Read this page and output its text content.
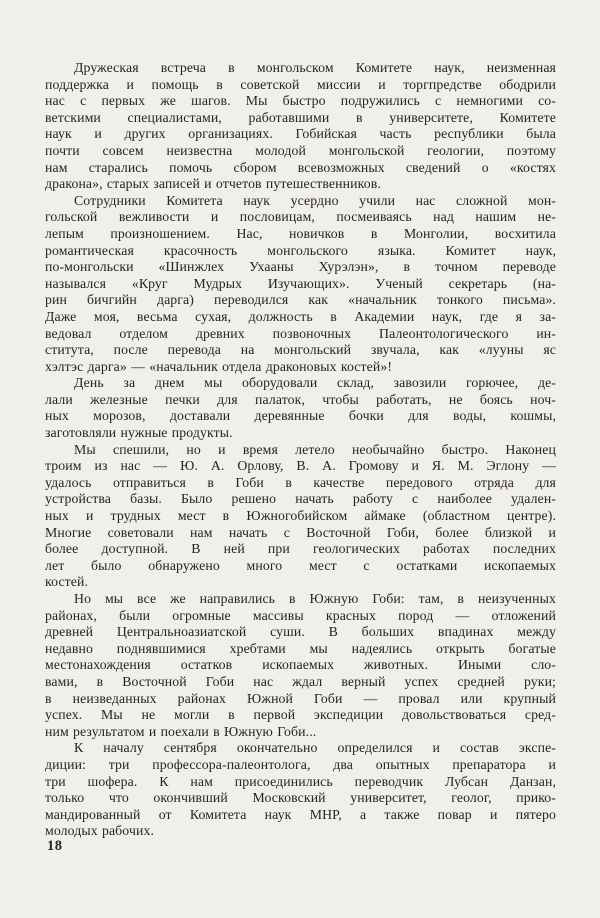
Дружеская встреча в монгольском Комитете наук, неизменная
поддержка и помощь в советской миссии и торгпредстве ободрили
нас с первых же шагов. Мы быстро подружились с немногими со-
ветскими специалистами, работавшими в университете, Комитете
наук и других организациях. Гобийская часть республики была
почти совсем неизвестна молодой монгольской геологии, поэтому
нам старались помочь сбором всевозможных сведений о «костях
дракона», старых записей и отчетов путешественников.
Сотрудники Комитета наук усердно учили нас сложной мон-
гольской вежливости и пословицам, посмеиваясь над нашим не-
лепым произношением. Нас, новичков в Монголии, восхитила
романтическая красочность монгольского языка. Комитет наук,
по-монгольски «Шинжлех Ухааны Хурэлэн», в точном переводе
назывался «Круг Мудрых Изучающих». Ученый секретарь (на-
рин бичгийн дарга) переводился как «начальник тонкого письма».
Даже моя, весьма сухая, должность в Академии наук, где я за-
ведовал отделом древних позвоночных Палеонтологического ин-
ститута, после перевода на монгольский звучала, как «лууны яс
хэлтэс дарга» — «начальник отдела драконовых костей»!
День за днем мы оборудовали склад, завозили горючее, де-
лали железные печки для палаток, чтобы работать, не боясь ноч-
ных морозов, доставали деревянные бочки для воды, кошмы,
заготовляли нужные продукты.
Мы спешили, но и время летело необычайно быстро. Наконец
троим из нас — Ю. А. Орлову, В. А. Громову и Я. М. Эглону —
удалось отправиться в Гоби в качестве передового отряда для
устройства базы. Было решено начать работу с наиболее удален-
ных и трудных мест в Южногобийском аймаке (областном центре).
Многие советовали нам начать с Восточной Гоби, более близкой и
более доступной. В ней при геологических работах последних
лет было обнаружено много мест с остатками ископаемых
костей.
Но мы все же направились в Южную Гоби: там, в неизученных
районах, были огромные массивы красных пород — отложений
древней Центральноазиатской суши. В больших впадинах между
недавно поднявшимися хребтами мы надеялись открыть богатые
местонахождения остатков ископаемых животных. Иными сло-
вами, в Восточной Гоби нас ждал верный успех средней руки;
в неизведанных районах Южной Гоби — провал или крупный
успех. Мы не могли в первой экспедиции довольствоваться сред-
ним результатом и поехали в Южную Гоби...
К началу сентября окончательно определился и состав экспе-
диции: три профессора-палеонтолога, два опытных препаратора и
три шофера. К нам присоединились переводчик Лубсан Данзан,
только что окончивший Московский университет, геолог, прико-
мандированный от Комитета наук МНР, а также повар и пятеро
молодых рабочих.
18
